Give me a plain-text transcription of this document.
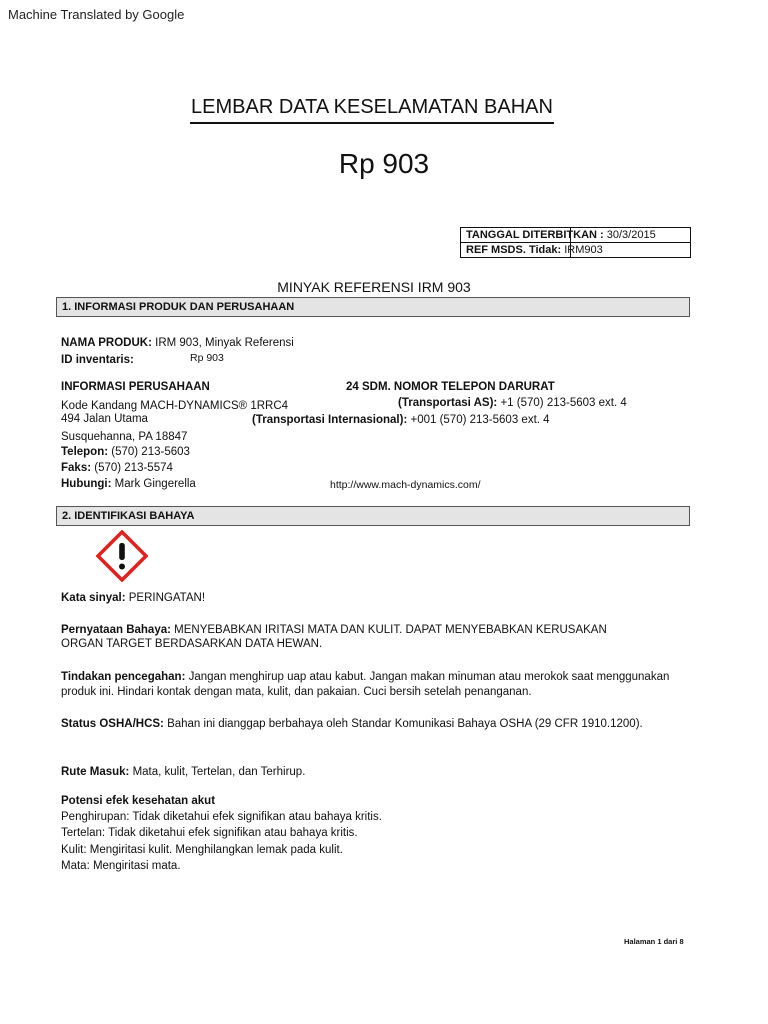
Machine Translated by Google
LEMBAR DATA KESELAMATAN BAHAN
Rp 903
TANGGAL DITERBITKAN : 30/3/2015
REF MSDS. Tidak: IRM903
MINYAK REFERENSI IRM 903
1. INFORMASI PRODUK DAN PERUSAHAAN
NAMA PRODUK: IRM 903, Minyak Referensi
ID inventaris:	Rp 903
INFORMASI PERUSAHAAN	24 SDM. NOMOR TELEPON DARURAT
Kode Kandang MACH-DYNAMICS® 1RRC4
494 Jalan Utama
Susquehanna, PA 18847
(Transportasi AS): +1 (570) 213-5603 ext. 4
(Transportasi Internasional): +001 (570) 213-5603 ext. 4
Telepon: (570) 213-5603
Faks: (570) 213-5574
Hubungi: Mark Gingerella	http://www.mach-dynamics.com/
2. IDENTIFIKASI BAHAYA
Kata sinyal: PERINGATAN!
Pernyataan Bahaya: MENYEBABKAN IRITASI MATA DAN KULIT. DAPAT MENYEBABKAN KERUSAKAN
ORGAN TARGET BERDASARKAN DATA HEWAN.
Tindakan pencegahan: Jangan menghirup uap atau kabut. Jangan makan minuman atau merokok saat menggunakan
produk ini. Hindari kontak dengan mata, kulit, dan pakaian. Cuci bersih setelah penanganan.
Status OSHA/HCS: Bahan ini dianggap berbahaya oleh Standar Komunikasi Bahaya OSHA (29 CFR 1910.1200).
Rute Masuk: Mata, kulit, Tertelan, dan Terhirup.
Potensi efek kesehatan akut
Penghirupan: Tidak diketahui efek signifikan atau bahaya kritis.
Tertelan: Tidak diketahui efek signifikan atau bahaya kritis.
Kulit: Mengiritasi kulit. Menghilangkan lemak pada kulit.
Mata: Mengiritasi mata.
Halaman 1 dari 8
